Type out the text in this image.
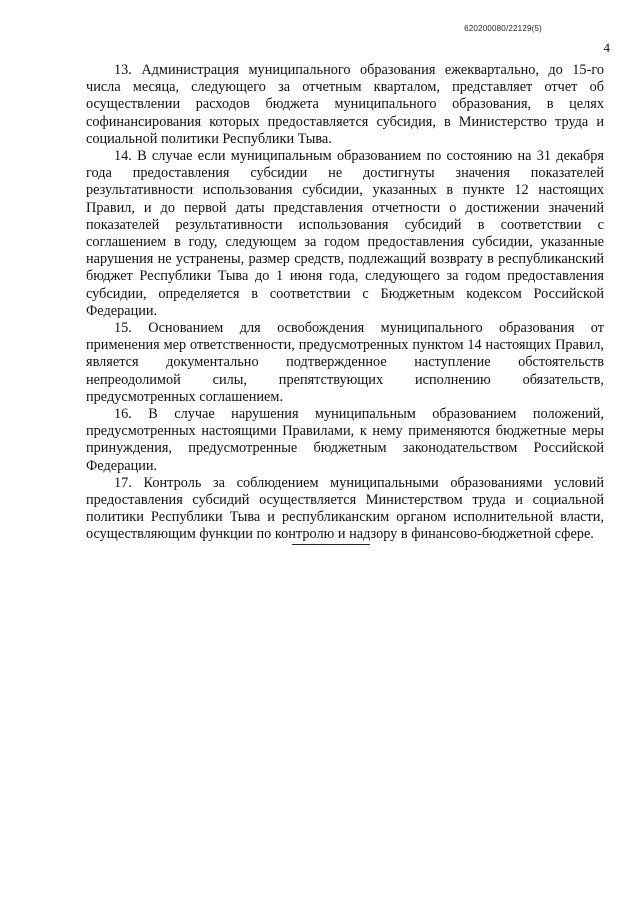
620200080/22129(5)
4

13. Администрация муниципального образования ежеквартально, до 15-го числа месяца, следующего за отчетным кварталом, представляет отчет об осуществлении расходов бюджета муниципального образования, в целях софинансирования которых предоставляется субсидия, в Министерство труда и социальной политики Республики Тыва.

14. В случае если муниципальным образованием по состоянию на 31 декабря года предоставления субсидии не достигнуты значения показателей результативности использования субсидии, указанных в пункте 12 настоящих Правил, и до первой даты представления отчетности о достижении значений показателей результативности использования субсидий в соответствии с соглашением в году, следующем за годом предоставления субсидии, указанные нарушения не устранены, размер средств, подлежащий возврату в республиканский бюджет Республики Тыва до 1 июня года, следующего за годом предоставления субсидии, определяется в соответствии с Бюджетным кодексом Российской Федерации.

15. Основанием для освобождения муниципального образования от применения мер ответственности, предусмотренных пунктом 14 настоящих Правил, является документально подтвержденное наступление обстоятельств непреодолимой силы, препятствующих исполнению обязательств, предусмотренных соглашением.

16. В случае нарушения муниципальным образованием положений, предусмотренных настоящими Правилами, к нему применяются бюджетные меры принуждения, предусмотренные бюджетным законодательством Российской Федерации.

17. Контроль за соблюдением муниципальными образованиями условий предоставления субсидий осуществляется Министерством труда и социальной политики Республики Тыва и республиканским органом исполнительной власти, осуществляющим функции по контролю и надзору в финансово-бюджетной сфере.
